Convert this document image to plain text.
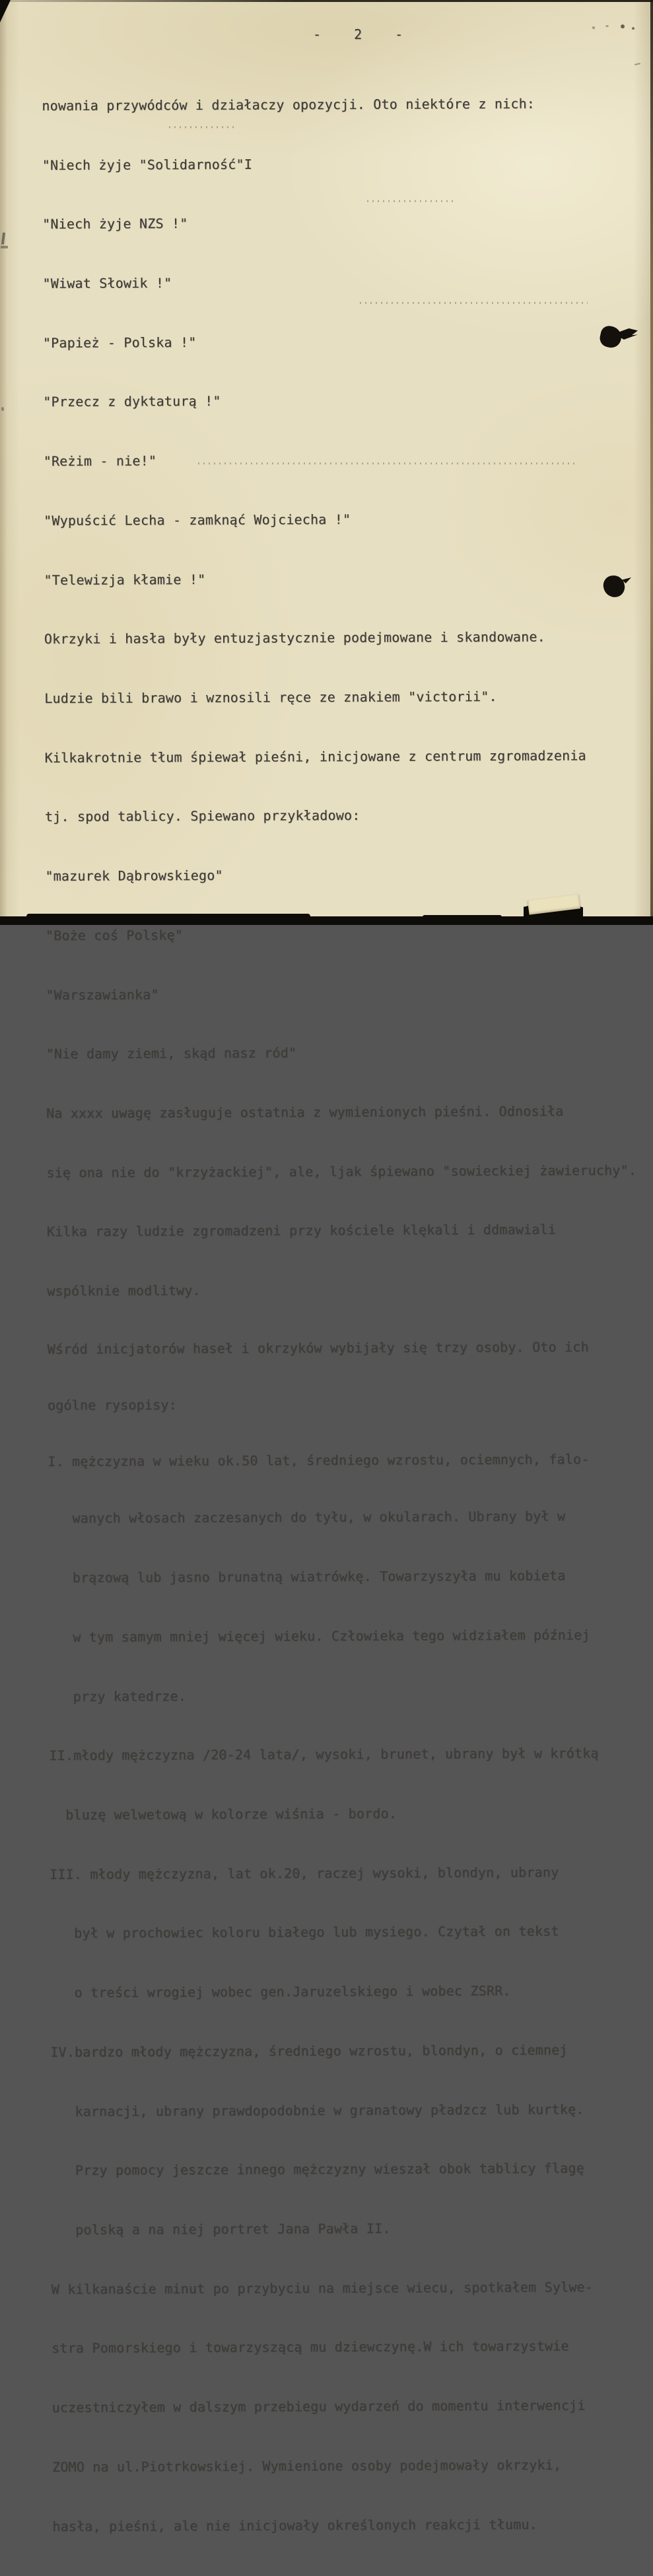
- 2 -

nowania przywódców i działaczy opozycji. Oto niektóre z nich:

"Niech żyje "Solidarność"I

"Niech żyje NZS !"

"Wiwat Słowik !"

"Papież - Polska !"

"Przecz z dyktaturą !"

"Reżim - nie!"

"Wypuścić Lecha - zamknąć Wojciecha !"

"Telewizja kłamie !"

Okrzyki i hasła były entuzjastycznie podejmowane i skandowane.

Ludzie bili brawo i wznosili ręce ze znakiem "victorii".

Kilkakrotnie tłum śpiewał pieśni, inicjowane z centrum zgromadzenia

tj. spod tablicy. Spiewano przykładowo:

"mazurek Dąbrowskiego"

"Boże coś Polskę"

"Warszawianka"

"Nie damy ziemi, skąd nasz ród"

Na xxxx uwagę zasługuje ostatnia z wymienionych pieśni. Odnosiła

się ona nie do "krzyżackiej", ale, ljak śpiewano "sowieckiej żawieruchy".

Kilka razy ludzie zgromadzeni przy kościele klękali i ddmawiali

wspólknie modlitwy.

Wśród inicjatorów haseł i okrzyków wybijały się trzy osoby. Oto ich

ogólne rysopisy:

I. mężczyzna w wieku ok.50 lat, średniego wzrostu, ociemnych, falo-

wanych włosach zaczesanych do tyłu, w okularach. Ubrany był w

brązową lub jasno brunatną wiatrówkę. Towarzyszyła mu kobieta

w tym samym mniej więcej wieku. Człowieka tego widziałem później

przy katedrze.

II.młody mężczyzna /20-24 lata/, wysoki, brunet, ubrany był w krótką

bluzę welwetową w kolorze wiśnia - bordo.

III. młody mężczyzna, lat ok.20, raczej wysoki, blondyn, ubrany

był w prochowiec koloru białego lub mysiego. Czytał on tekst

o treści wrogiej wobec gen.Jaruzelskiego i wobec ZSRR.

IV.bardzo młody mężczyzna, średniego wzrostu, blondyn, o ciemnej

karnacji, ubrany prawdopodobnie w granatowy pładzcz lub kurtkę.

Przy pomocy jeszcze innego mężczyzny wieszał obok tablicy flagę

polską a na niej portret Jana Pawła II.

W kilkanaście minut po przybyciu na miejsce wiecu, spotkałem Sylwe-

stra Pomorskiego i towarzyszącą mu dziewczynę.W ich towarzystwie

uczestniczyłem w dalszym przebiegu wydarzeń do momentu interwencji

ZOMO na ul.Piotrkowskiej. Wymienione osoby podejmowały okrzyki,

hasła, pieśni, ale nie inicjowały określonych reakcji tłumu.
